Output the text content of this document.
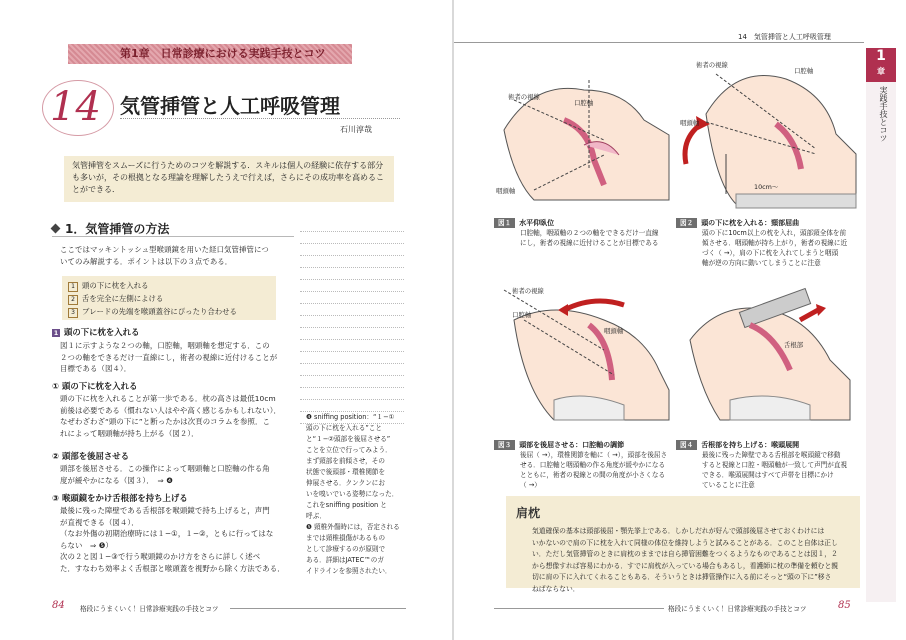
第1章　日常診療における実践手技とコツ
14 気管挿管と人工呼吸管理
石川淳哉
気管挿管をスムーズに行うためのコツを解説する．スキルは個人の経験に依存する部分
も多いが，その根拠となる理論を理解したうえで行えば，さらにその成功率を高めるこ
とができる．
1．気管挿管の方法
ここではマッキントッシュ型喉頭鏡を用いた経口気管挿管につ
いてのみ解説する．ポイントは以下の３点である．
1 頭の下に枕を入れる
2 舌を完全に左側によける
3 ブレードの先端を喉頭蓋谷にぴったり合わせる
1 頭の下に枕を入れる
図１に示すような２つの軸，口腔軸，咽頭軸を想定する．この
２つの軸をできるだけ一直線にし，術者の視線に近付けることが
目標である（図４）．
① 頭の下に枕を入れる
頭の下に枕を入れることが第一歩である．枕の高さは最低10cm
前後は必要である（慣れない人はやや高く感じるかもしれない）．
なぜわざわざ“頭の下に”と断ったかは次頁のコラムを参照．こ
れによって咽頭軸が持ち上がる（図２）．
② 頭部を後屈させる
頭部を後屈させる．この操作によって咽頭軸と口腔軸の作る角
度が緩やかになる（図３）．　⇒ ❹
③ 喉頭鏡をかけ舌根部を持ち上げる
最後に残った障壁である舌根部を喉頭鏡で持ち上げると，声門
が直視できる（図４）．
（なお外傷の初期治療時には１−①，１−②，ともに行ってはな
らない　⇒ ❺）
次の２と図１−③で行う喉頭鏡のかけ方をさらに詳しく述べ
た．すなわち効率よく舌根部と喉頭蓋を視野から除く方法である．
❹ sniffing position：“１−①
頭の下に枕を入れる”こと
と“１−②頭部を後屈させる”
ことを立位で行ってみよう．
まず頸部を前傾させ，その
状態で後頭部・環椎関節を
伸展させる．クンクンにお
いを嗅いでいる姿勢になった．
これをsniffing position と
呼ぶ．
❺ 頸椎外傷時には，否定される
までは頸椎損傷があるもの
として診療するのが原則で
ある．詳細はJATEC™のガ
イドラインを参照されたい．
84 格段にうまくいく！日常診療実践の手技とコツ
14　気管挿管と人工呼吸管理
1
章
実践手技とコツ
術者の視線
口腔軸
咽頭軸
術者の視線
口腔軸
咽頭軸
10cm〜
図１ 水平仰臥位
口腔軸，咽頭軸の２つの軸をできるだけ一直線
にし，術者の視線に近付けることが目標である
図２ 頭の下に枕を入れる：頸部屈曲
頭の下に10cm以上の枕を入れ，頭部頸全体を前
傾させる．咽頭軸が持ち上がり，術者の視線に近
づく（ →），肩の下に枕を入れてしまうと咽頭
軸が逆の方向に動いてしまうことに注意
術者の視線
口腔軸
咽頭軸
舌根部
図３ 頭部を後屈させる：口腔軸の調節
後屈（ →），環椎関節を軸に（ →），頭部を後屈さ
せる．口腔軸と咽頭軸の作る角度が緩やかになる
とともに，術者の視線との間の角度が小さくなる
（ →）
図４ 舌根部を持ち上げる：喉頭展開
最後に残った障壁である舌根部を喉頭鏡で移動
すると視線と口腔・咽頭軸が一致して声門が直視
できる．喉頭展開はすべて声帯を目標にかけ
ていることに注意
肩枕
気道確保の基本は頭部後屈・顎先挙上である．しかしだれが好んで頭部後屈させておくわけには
いかないので肩の下に枕を入れて同様の体位を維持しようと試みることがある．このこと自体は正し
い．ただし気管挿管のときに肩枕のままでは自ら挿管困難をつくるようなものであることは図１，２
から想像すれば容易にわかる．すでに肩枕が入っている場合もあるし，看護師に枕の準備を頼むと親
切に肩の下に入れてくれることもある．そういうときは挿管操作に入る前にそっと“頭の下に”移さ
ねばならない．
格段にうまくいく！日常診療実践の手技とコツ	85
